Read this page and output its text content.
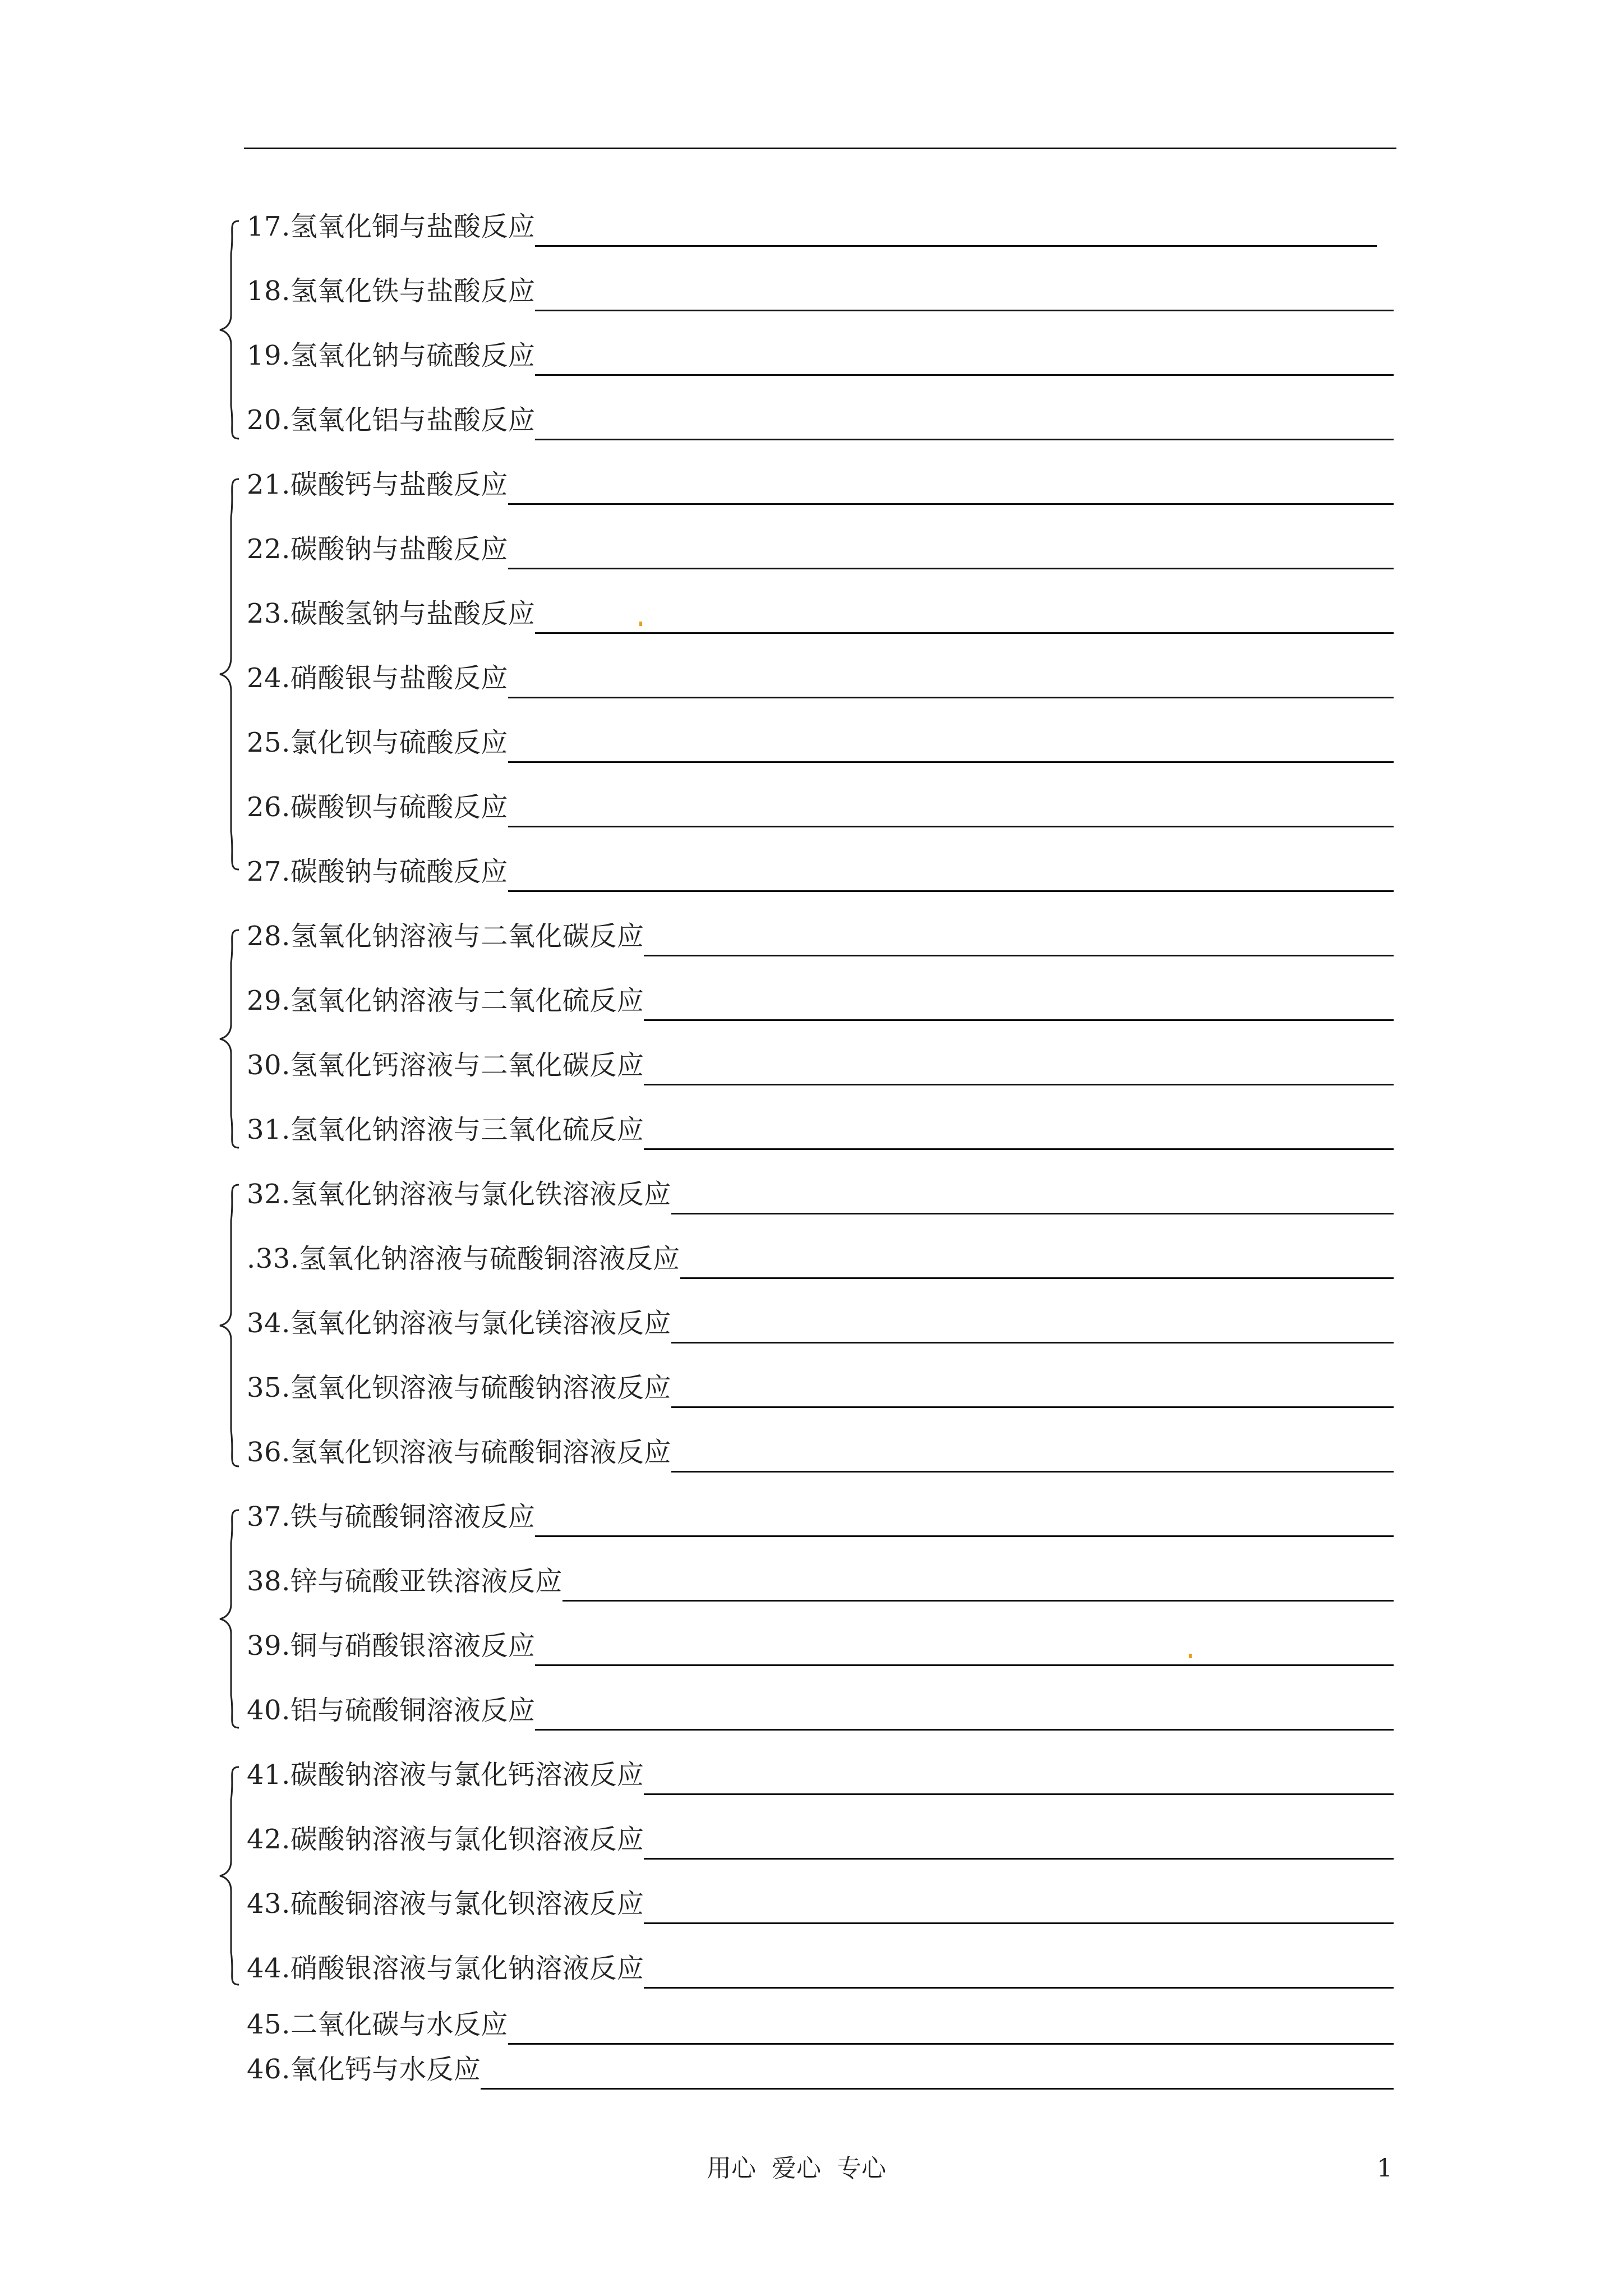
17.氢氧化铜与盐酸反应
18.氢氧化铁与盐酸反应
19.氢氧化钠与硫酸反应
20.氢氧化铝与盐酸反应
21.碳酸钙与盐酸反应
22.碳酸钠与盐酸反应
23.碳酸氢钠与盐酸反应
24.硝酸银与盐酸反应
25.氯化钡与硫酸反应
26.碳酸钡与硫酸反应
27.碳酸钠与硫酸反应
28.氢氧化钠溶液与二氧化碳反应
29.氢氧化钠溶液与二氧化硫反应
30.氢氧化钙溶液与二氧化碳反应
31.氢氧化钠溶液与三氧化硫反应
32.氢氧化钠溶液与氯化铁溶液反应
.33.氢氧化钠溶液与硫酸铜溶液反应
34.氢氧化钠溶液与氯化镁溶液反应
35.氢氧化钡溶液与硫酸钠溶液反应
36.氢氧化钡溶液与硫酸铜溶液反应
37.铁与硫酸铜溶液反应
38.锌与硫酸亚铁溶液反应
39.铜与硝酸银溶液反应
40.铝与硫酸铜溶液反应
41.碳酸钠溶液与氯化钙溶液反应
42.碳酸钠溶液与氯化钡溶液反应
43.硫酸铜溶液与氯化钡溶液反应
44.硝酸银溶液与氯化钠溶液反应
45.二氧化碳与水反应
46.氧化钙与水反应
用心  爱心  专心	1
